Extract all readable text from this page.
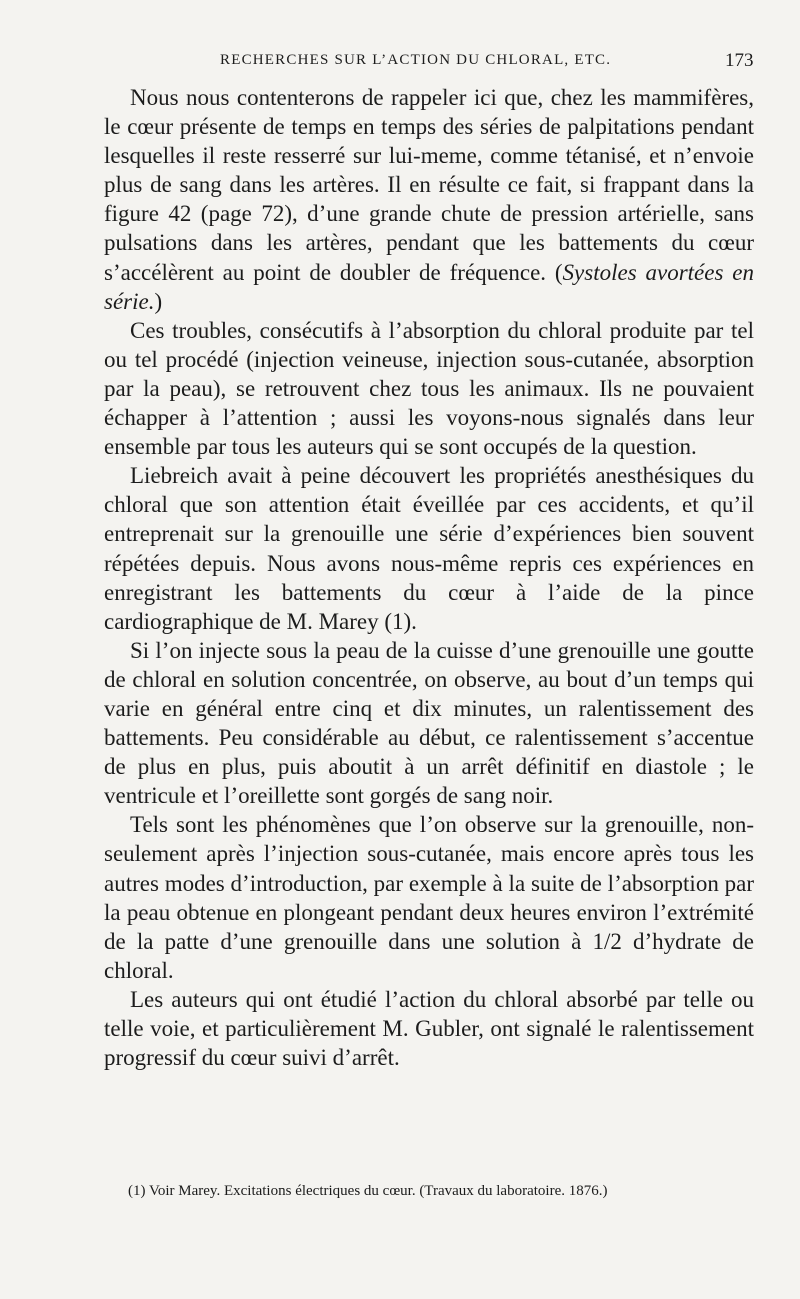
RECHERCHES SUR L’ACTION DU CHLORAL, ETC.	173

Nous nous contenterons de rappeler ici que, chez les mammifères, le cœur présente de temps en temps des séries de palpitations pendant lesquelles il reste resserré sur lui-meme, comme tétanisé, et n’envoie plus de sang dans les artères. Il en résulte ce fait, si frappant dans la figure 42 (page 72), d’une grande chute de pression artérielle, sans pulsations dans les artères, pendant que les battements du cœur s’accélèrent au point de doubler de fréquence. (Systoles avortées en série.)

Ces troubles, consécutifs à l’absorption du chloral produite par tel ou tel procédé (injection veineuse, injection sous-cutanée, absorption par la peau), se retrouvent chez tous les animaux. Ils ne pouvaient échapper à l’attention ; aussi les voyons-nous signalés dans leur ensemble par tous les auteurs qui se sont occupés de la question.

Liebreich avait à peine découvert les propriétés anesthésiques du chloral que son attention était éveillée par ces accidents, et qu’il entreprenait sur la grenouille une série d’expériences bien souvent répétées depuis. Nous avons nous-même repris ces expériences en enregistrant les battements du cœur à l’aide de la pince cardiographique de M. Marey (1).

Si l’on injecte sous la peau de la cuisse d’une grenouille une goutte de chloral en solution concentrée, on observe, au bout d’un temps qui varie en général entre cinq et dix minutes, un ralentissement des battements. Peu considérable au début, ce ralentissement s’accentue de plus en plus, puis aboutit à un arrêt définitif en diastole ; le ventricule et l’oreillette sont gorgés de sang noir.

Tels sont les phénomènes que l’on observe sur la grenouille, non-seulement après l’injection sous-cutanée, mais encore après tous les autres modes d’introduction, par exemple à la suite de l’absorption par la peau obtenue en plongeant pendant deux heures environ l’extrémité de la patte d’une grenouille dans une solution à 1/2 d’hydrate de chloral.

Les auteurs qui ont étudié l’action du chloral absorbé par telle ou telle voie, et particulièrement M. Gubler, ont signalé le ralentissement progressif du cœur suivi d’arrêt.

(1) Voir Marey. Excitations électriques du cœur. (Travaux du laboratoire. 1876.)
